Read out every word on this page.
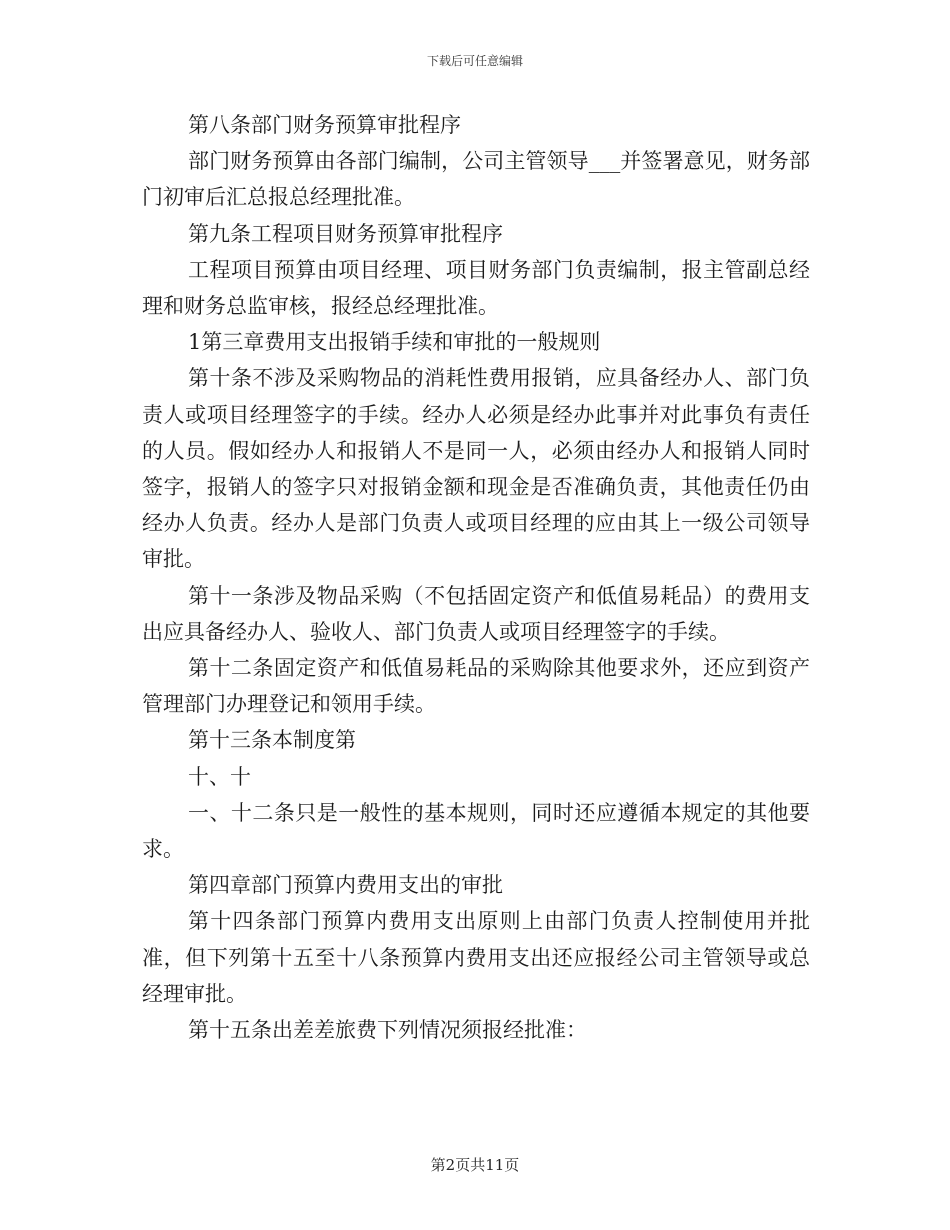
下载后可任意编辑

第八条部门财务预算审批程序

部门财务预算由各部门编制，公司主管领导___并签署意见，财务部门初审后汇总报总经理批准。

第九条工程项目财务预算审批程序

工程项目预算由项目经理、项目财务部门负责编制，报主管副总经理和财务总监审核，报经总经理批准。

1第三章费用支出报销手续和审批的一般规则

第十条不涉及采购物品的消耗性费用报销，应具备经办人、部门负责人或项目经理签字的手续。经办人必须是经办此事并对此事负有责任的人员。假如经办人和报销人不是同一人，必须由经办人和报销人同时签字，报销人的签字只对报销金额和现金是否准确负责，其他责任仍由经办人负责。经办人是部门负责人或项目经理的应由其上一级公司领导审批。

第十一条涉及物品采购（不包括固定资产和低值易耗品）的费用支出应具备经办人、验收人、部门负责人或项目经理签字的手续。

第十二条固定资产和低值易耗品的采购除其他要求外，还应到资产管理部门办理登记和领用手续。

第十三条本制度第

十、十

一、十二条只是一般性的基本规则，同时还应遵循本规定的其他要求。

第四章部门预算内费用支出的审批

第十四条部门预算内费用支出原则上由部门负责人控制使用并批准，但下列第十五至十八条预算内费用支出还应报经公司主管领导或总经理审批。

第十五条出差差旅费下列情况须报经批准：

第2页共11页
